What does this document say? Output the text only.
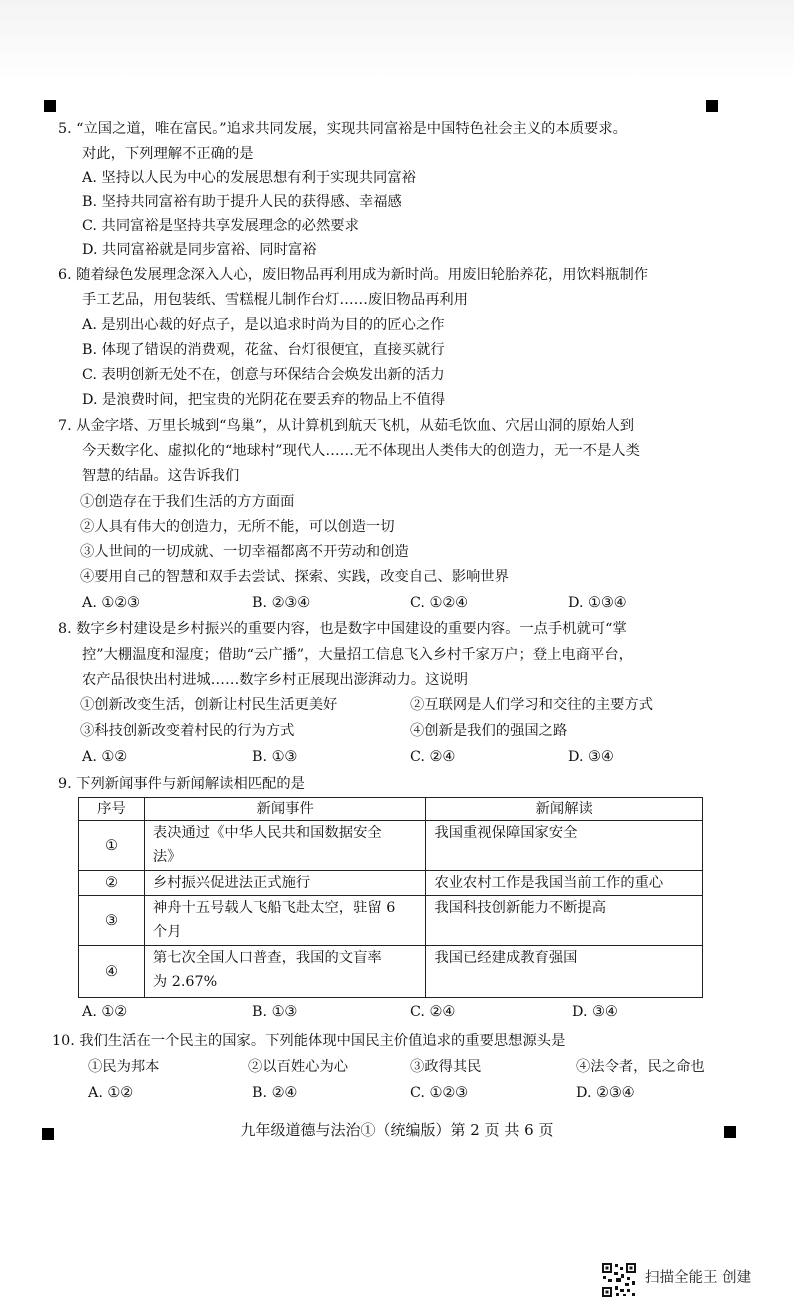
5. “立国之道，唯在富民。”追求共同发展，实现共同富裕是中国特色社会主义的本质要求。
对此，下列理解不正确的是
A. 坚持以人民为中心的发展思想有利于实现共同富裕
B. 坚持共同富裕有助于提升人民的获得感、幸福感
C. 共同富裕是坚持共享发展理念的必然要求
D. 共同富裕就是同步富裕、同时富裕
6. 随着绿色发展理念深入人心，废旧物品再利用成为新时尚。用废旧轮胎养花，用饮料瓶制作
手工艺品，用包装纸、雪糕棍儿制作台灯……废旧物品再利用
A. 是别出心裁的好点子，是以追求时尚为目的的匠心之作
B. 体现了错误的消费观，花盆、台灯很便宜，直接买就行
C. 表明创新无处不在，创意与环保结合会焕发出新的活力
D. 是浪费时间，把宝贵的光阴花在要丢弃的物品上不值得
7. 从金字塔、万里长城到“鸟巢”，从计算机到航天飞机，从茹毛饮血、穴居山洞的原始人到
今天数字化、虚拟化的“地球村”现代人……无不体现出人类伟大的创造力，无一不是人类
智慧的结晶。这告诉我们
①创造存在于我们生活的方方面面
②人具有伟大的创造力，无所不能，可以创造一切
③人世间的一切成就、一切幸福都离不开劳动和创造
④要用自己的智慧和双手去尝试、探索、实践，改变自己、影响世界
A. ①②③	B. ②③④	C. ①②④	D. ①③④
8. 数字乡村建设是乡村振兴的重要内容，也是数字中国建设的重要内容。一点手机就可“掌
控”大棚温度和湿度；借助“云广播”，大量招工信息飞入乡村千家万户；登上电商平台，
农产品很快出村进城……数字乡村正展现出澎湃动力。这说明
①创新改变生活，创新让村民生活更美好	②互联网是人们学习和交往的主要方式
③科技创新改变着村民的行为方式	④创新是我们的强国之路
A. ①②	B. ①③	C. ②④	D. ③④
9. 下列新闻事件与新闻解读相匹配的是
序号	新闻事件	新闻解读
①	表决通过《中华人民共和国数据安全
法》	我国重视保障国家安全
②	乡村振兴促进法正式施行	农业农村工作是我国当前工作的重心
③	神舟十五号载人飞船飞赴太空，驻留 6
个月	我国科技创新能力不断提高
④	第七次全国人口普查，我国的文盲率
为 2.67%	我国已经建成教育强国
A. ①②	B. ①③	C. ②④	D. ③④
10. 我们生活在一个民主的国家。下列能体现中国民主价值追求的重要思想源头是
①民为邦本	②以百姓心为心	③政得其民	④法令者，民之命也
A. ①②	B. ②④	C. ①②③	D. ②③④
九年级道德与法治①（统编版）第 2 页 共 6 页
扫描全能王 创建
